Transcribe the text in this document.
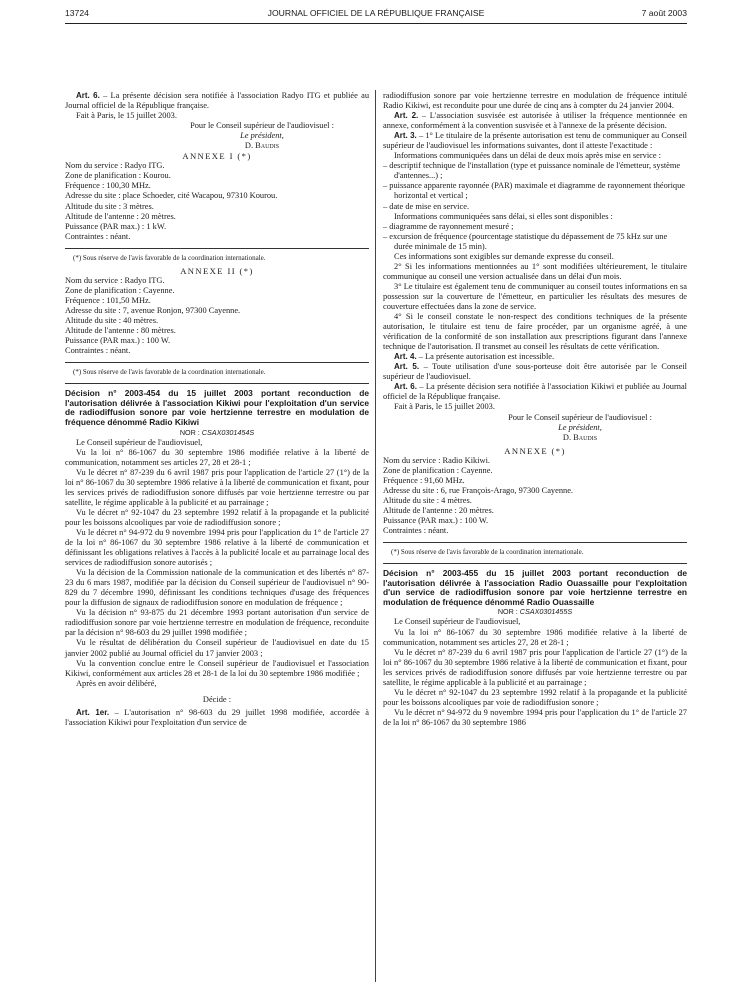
13724	JOURNAL OFFICIEL DE LA RÉPUBLIQUE FRANÇAISE	7 août 2003

Art. 6. – La présente décision sera notifiée à l'association Radyo ITG et publiée au Journal officiel de la République française.

Fait à Paris, le 15 juillet 2003.

Pour le Conseil supérieur de l'audiovisuel :

Le président,

D. Baudis

ANNEXE I (*)

Nom du service : Radyo ITG.

Zone de planification : Kourou.

Fréquence : 100,30 MHz.

Adresse du site : place Schoeder, cité Wacapou, 97310 Kourou.

Altitude du site : 3 mètres.

Altitude de l'antenne : 20 mètres.

Puissance (PAR max.) : 1 kW.

Contraintes : néant.

(*) Sous réserve de l'avis favorable de la coordination internationale.

ANNEXE II (*)

Nom du service : Radyo ITG.

Zone de planification : Cayenne.

Fréquence : 101,50 MHz.

Adresse du site : 7, avenue Ronjon, 97300 Cayenne.

Altitude du site : 40 mètres.

Altitude de l'antenne : 80 mètres.

Puissance (PAR max.) : 100 W.

Contraintes : néant.

(*) Sous réserve de l'avis favorable de la coordination internationale.

Décision n° 2003-454 du 15 juillet 2003 portant reconduction de l'autorisation délivrée à l'association Kikiwi pour l'exploitation d'un service de radiodiffusion sonore par voie hertzienne terrestre en modulation de fréquence dénommé Radio Kikiwi

NOR : CSAX0301454S

Le Conseil supérieur de l'audiovisuel,

Vu la loi n° 86-1067 du 30 septembre 1986 modifiée relative à la liberté de communication, notamment ses articles 27, 28 et 28-1 ;

Vu le décret n° 87-239 du 6 avril 1987 pris pour l'application de l'article 27 (1°) de la loi n° 86-1067 du 30 septembre 1986 relative à la liberté de communication et fixant, pour les services privés de radiodiffusion sonore diffusés par voie hertzienne terrestre ou par satellite, le régime applicable à la publicité et au parrainage ;

Vu le décret n° 92-1047 du 23 septembre 1992 relatif à la propagande et la publicité pour les boissons alcooliques par voie de radiodiffusion sonore ;

Vu le décret n° 94-972 du 9 novembre 1994 pris pour l'application du 1° de l'article 27 de la loi n° 86-1067 du 30 septembre 1986 relative à la liberté de communication et définissant les obligations relatives à l'accès à la publicité locale et au parrainage local des services de radiodiffusion sonore autorisés ;

Vu la décision de la Commission nationale de la communication et des libertés n° 87-23 du 6 mars 1987, modifiée par la décision du Conseil supérieur de l'audiovisuel n° 90-829 du 7 décembre 1990, définissant les conditions techniques d'usage des fréquences pour la diffusion de signaux de radiodiffusion sonore en modulation de fréquence ;

Vu la décision n° 93-875 du 21 décembre 1993 portant autorisation d'un service de radiodiffusion sonore par voie hertzienne terrestre en modulation de fréquence, reconduite par la décision n° 98-603 du 29 juillet 1998 modifiée ;

Vu le résultat de délibération du Conseil supérieur de l'audiovisuel en date du 15 janvier 2002 publié au Journal officiel du 17 janvier 2003 ;

Vu la convention conclue entre le Conseil supérieur de l'audiovisuel et l'association Kikiwi, conformément aux articles 28 et 28-1 de la loi du 30 septembre 1986 modifiée ;

Après en avoir délibéré,

Décide :

Art. 1er. – L'autorisation n° 98-603 du 29 juillet 1998 modifiée, accordée à l'association Kikiwi pour l'exploitation d'un service de

radiodiffusion sonore par voie hertzienne terrestre en modulation de fréquence intitulé Radio Kikiwi, est reconduite pour une durée de cinq ans à compter du 24 janvier 2004.

Art. 2. – L'association susvisée est autorisée à utiliser la fréquence mentionnée en annexe, conformément à la convention susvisée et à l'annexe de la présente décision.

Art. 3. – 1° Le titulaire de la présente autorisation est tenu de communiquer au Conseil supérieur de l'audiovisuel les informations suivantes, dont il atteste l'exactitude :

Informations communiquées dans un délai de deux mois après mise en service :

– descriptif technique de l'installation (type et puissance nominale de l'émetteur, système d'antennes...) ;

– puissance apparente rayonnée (PAR) maximale et diagramme de rayonnement théorique horizontal et vertical ;

– date de mise en service.

Informations communiquées sans délai, si elles sont disponibles :

– diagramme de rayonnement mesuré ;

– excursion de fréquence (pourcentage statistique du dépassement de 75 kHz sur une durée minimale de 15 min).

Ces informations sont exigibles sur demande expresse du conseil.

2° Si les informations mentionnées au 1° sont modifiées ultérieurement, le titulaire communique au conseil une version actualisée dans un délai d'un mois.

3° Le titulaire est également tenu de communiquer au conseil toutes informations en sa possession sur la couverture de l'émetteur, en particulier les résultats des mesures de couverture effectuées dans la zone de service.

4° Si le conseil constate le non-respect des conditions techniques de la présente autorisation, le titulaire est tenu de faire procéder, par un organisme agréé, à une vérification de la conformité de son installation aux prescriptions figurant dans l'annexe technique de l'autorisation. Il transmet au conseil les résultats de cette vérification.

Art. 4. – La présente autorisation est incessible.

Art. 5. – Toute utilisation d'une sous-porteuse doit être autorisée par le Conseil supérieur de l'audiovisuel.

Art. 6. – La présente décision sera notifiée à l'association Kikiwi et publiée au Journal officiel de la République française.

Fait à Paris, le 15 juillet 2003.

Pour le Conseil supérieur de l'audiovisuel :

Le président,

D. Baudis

ANNEXE (*)

Nom du service : Radio Kikiwi.

Zone de planification : Cayenne.

Fréquence : 91,60 MHz.

Adresse du site : 6, rue François-Arago, 97300 Cayenne.

Altitude du site : 4 mètres.

Altitude de l'antenne : 20 mètres.

Puissance (PAR max.) : 100 W.

Contraintes : néant.

(*) Sous réserve de l'avis favorable de la coordination internationale.

Décision n° 2003-455 du 15 juillet 2003 portant reconduction de l'autorisation délivrée à l'association Radio Ouassaille pour l'exploitation d'un service de radiodiffusion sonore par voie hertzienne terrestre en modulation de fréquence dénommé Radio Ouassaille

NOR : CSAX0301455S

Le Conseil supérieur de l'audiovisuel,

Vu la loi n° 86-1067 du 30 septembre 1986 modifiée relative à la liberté de communication, notamment ses articles 27, 28 et 28-1 ;

Vu le décret n° 87-239 du 6 avril 1987 pris pour l'application de l'article 27 (1°) de la loi n° 86-1067 du 30 septembre 1986 relative à la liberté de communication et fixant, pour les services privés de radiodiffusion sonore diffusés par voie hertzienne terrestre ou par satellite, le régime applicable à la publicité et au parrainage ;

Vu le décret n° 92-1047 du 23 septembre 1992 relatif à la propagande et la publicité pour les boissons alcooliques par voie de radiodiffusion sonore ;

Vu le décret n° 94-972 du 9 novembre 1994 pris pour l'application du 1° de l'article 27 de la loi n° 86-1067 du 30 septembre 1986
